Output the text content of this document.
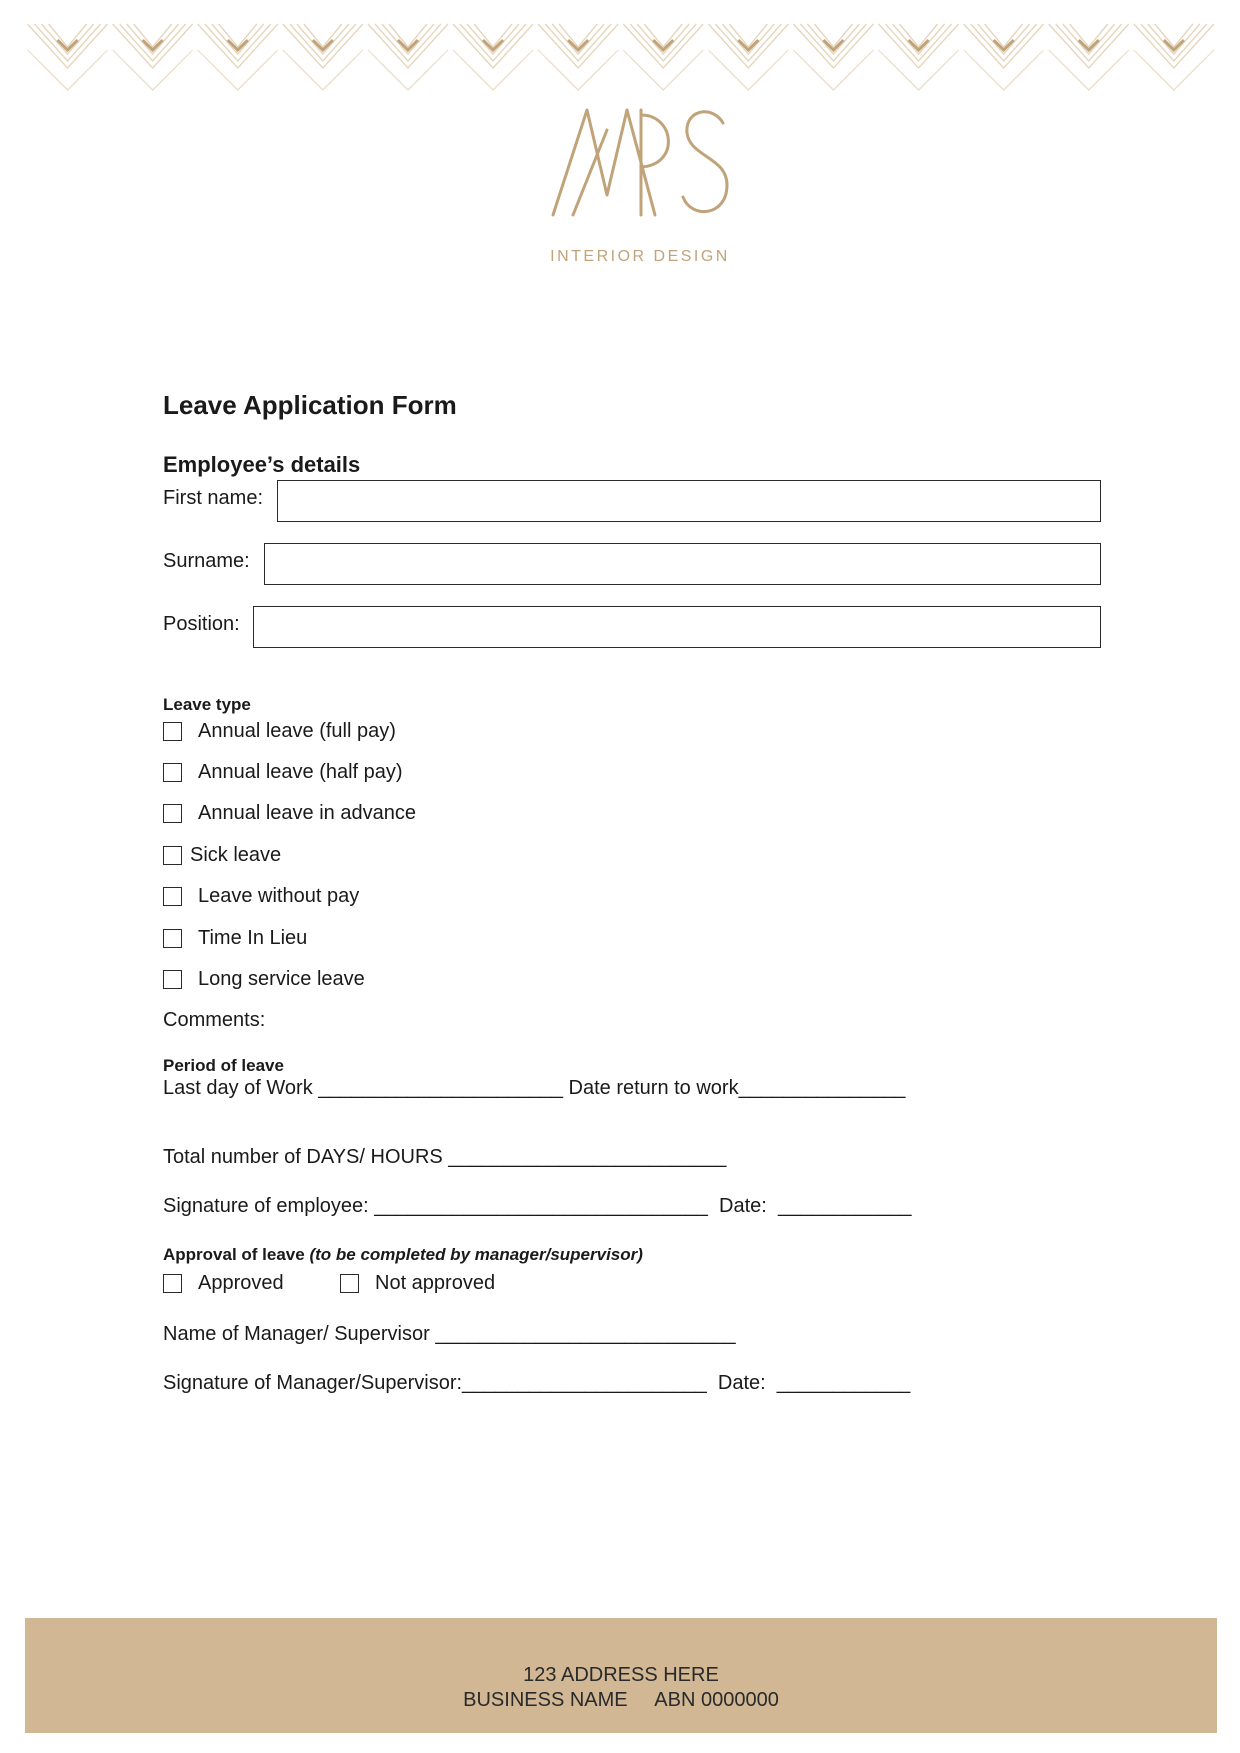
INTERIOR DESIGN
Leave Application Form
Employee’s details
First name:
Surname:
Position:
Leave type
Annual leave (full pay)
Annual leave (half pay)
Annual leave in advance
Sick leave
Leave without pay
Time In Lieu
Long service leave
Comments:
Period of leave
Last day of Work ______________________ Date return to work_______________
Total number of DAYS/ HOURS _________________________
Signature of employee: ______________________________  Date:  ____________
Approval of leave (to be completed by manager/supervisor)
Approved	Not approved
Name of Manager/ Supervisor ___________________________
Signature of Manager/Supervisor:______________________  Date:  ____________
123 ADDRESS HERE
BUSINESS NAME     ABN 0000000
